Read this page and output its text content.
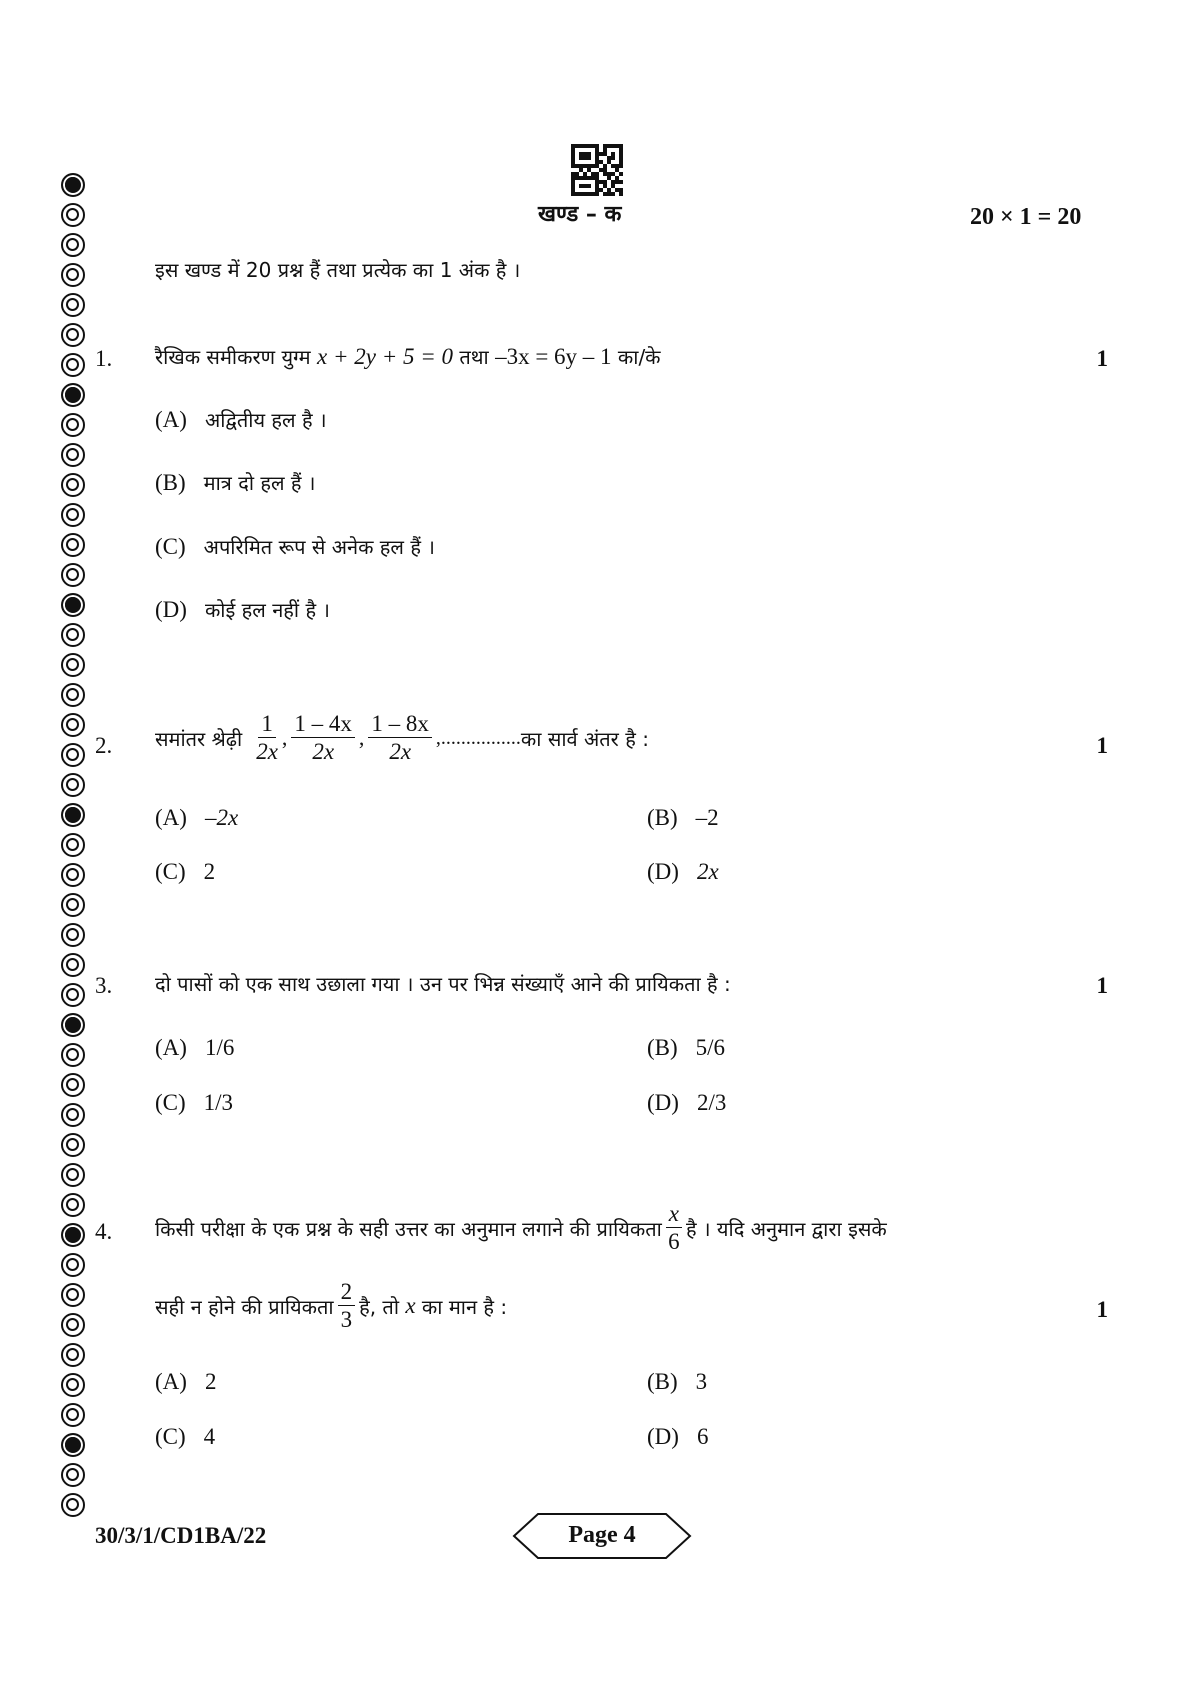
खण्ड – क	20 × 1 = 20
इस खण्ड में 20 प्रश्न हैं तथा प्रत्येक का 1 अंक है ।
1. रैखिक समीकरण युग्म x + 2y + 5 = 0 तथा –3x = 6y – 1 का/के	1
(A) अद्वितीय हल है ।
(B) मात्र दो हल हैं ।
(C) अपरिमित रूप से अनेक हल हैं ।
(D) कोई हल नहीं है ।
2. समांतर श्रेढ़ी $\frac{1}{2x}$ , $\frac{1 - 4x}{2x}$ , $\frac{1 - 8x}{2x}$ ,................ का सार्व अंतर है :	1
(A) –2x	(B) –2
(C) 2	(D) 2x
3. दो पासों को एक साथ उछाला गया । उन पर भिन्न संख्याएँ आने की प्रायिकता है :	1
(A) 1/6	(B) 5/6
(C) 1/3	(D) 2/3
4. किसी परीक्षा के एक प्रश्न के सही उत्तर का अनुमान लगाने की प्रायिकता $\frac{x}{6}$ है । यदि अनुमान द्वारा इसके
सही न होने की प्रायिकता $\frac{2}{3}$ है, तो x का मान है :	1
(A) 2	(B) 3
(C) 4	(D) 6
30/3/1/CD1BA/22	Page 4
